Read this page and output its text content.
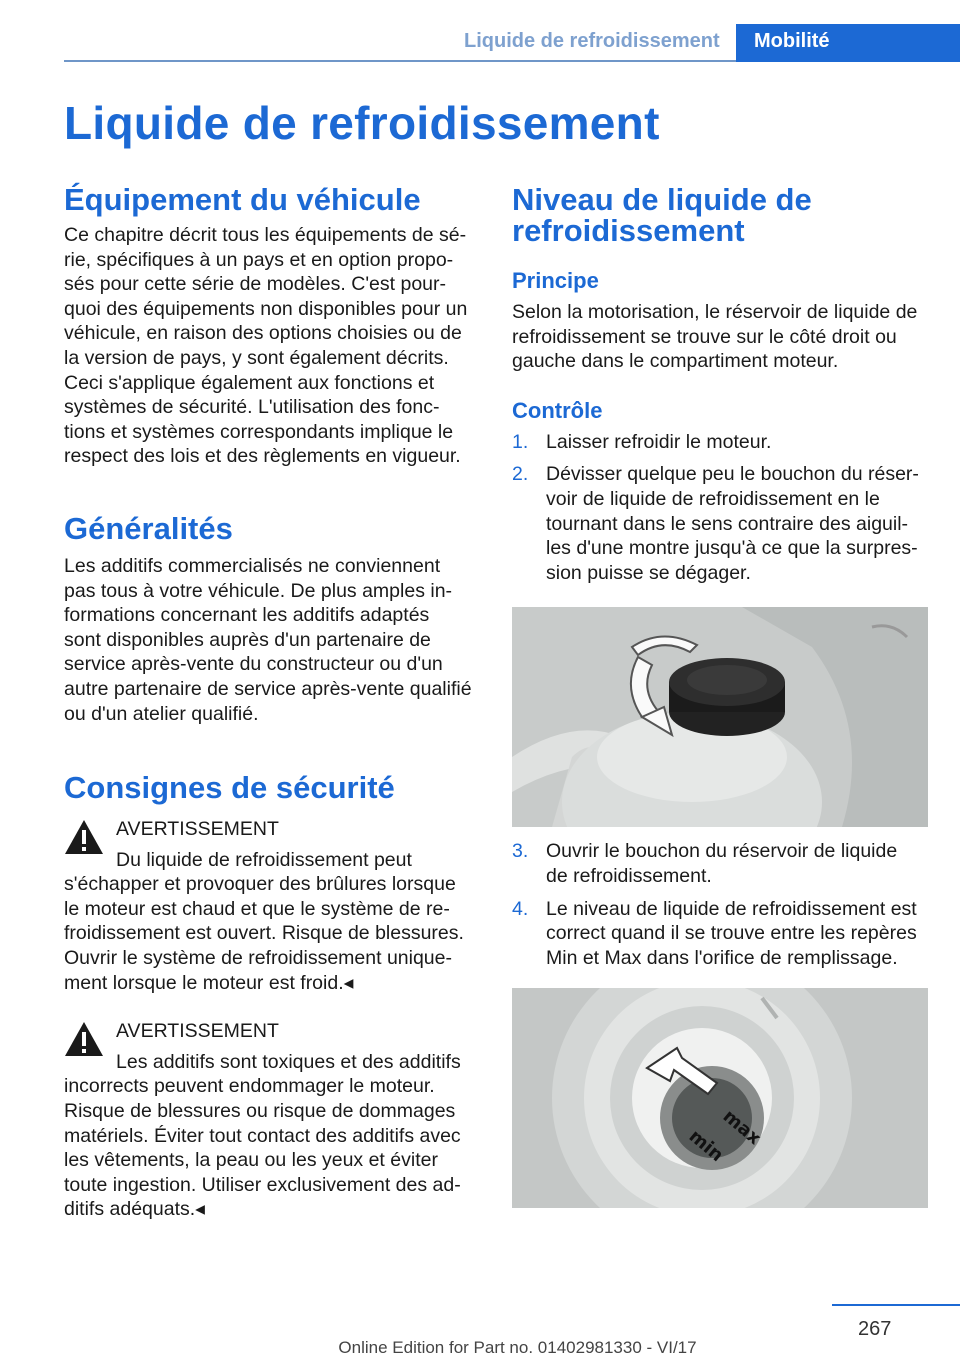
Liquide de refroidissement Mobilité
Liquide de refroidissement
Équipement du véhicule

Ce chapitre décrit tous les équipements de sé-

rie, spécifiques à un pays et en option propo-

sés pour cette série de modèles. C'est pour-

quoi des équipements non disponibles pour un

véhicule, en raison des options choisies ou de

la version de pays, y sont également décrits.

Ceci s'applique également aux fonctions et

systèmes de sécurité. L'utilisation des fonc-

tions et systèmes correspondants implique le

respect des lois et des règlements en vigueur.

Généralités

Les additifs commercialisés ne conviennent

pas tous à votre véhicule. De plus amples in-

formations concernant les additifs adaptés

sont disponibles auprès d'un partenaire de

service après-vente du constructeur ou d'un

autre partenaire de service après-vente qualifié

ou d'un atelier qualifié.

Consignes de sécurité

AVERTISSEMENT

Du liquide de refroidissement peut

s'échapper et provoquer des brûlures lorsque

le moteur est chaud et que le système de re-

froidissement est ouvert. Risque de blessures.

Ouvrir le système de refroidissement unique-

ment lorsque le moteur est froid.◂

AVERTISSEMENT

Les additifs sont toxiques et des additifs

incorrects peuvent endommager le moteur.

Risque de blessures ou risque de dommages

matériels. Éviter tout contact des additifs avec

les vêtements, la peau ou les yeux et éviter

toute ingestion. Utiliser exclusivement des ad-

ditifs adéquats.◂

Niveau de liquide de
refroidissement
Principe

Selon la motorisation, le réservoir de liquide de

refroidissement se trouve sur le côté droit ou

gauche dans le compartiment moteur.

Contrôle
1. Laisser refroidir le moteur.
2. Dévisser quelque peu le bouchon du réser-
voir de liquide de refroidissement en le
tournant dans le sens contraire des aiguil-
les d'une montre jusqu'à ce que la surpres-
sion puisse se dégager.
3. Ouvrir le bouchon du réservoir de liquide
de refroidissement.
4. Le niveau de liquide de refroidissement est
correct quand il se trouve entre les repères
Min et Max dans l'orifice de remplissage.
max
min
267
Online Edition for Part no. 01402981330 - VI/17
